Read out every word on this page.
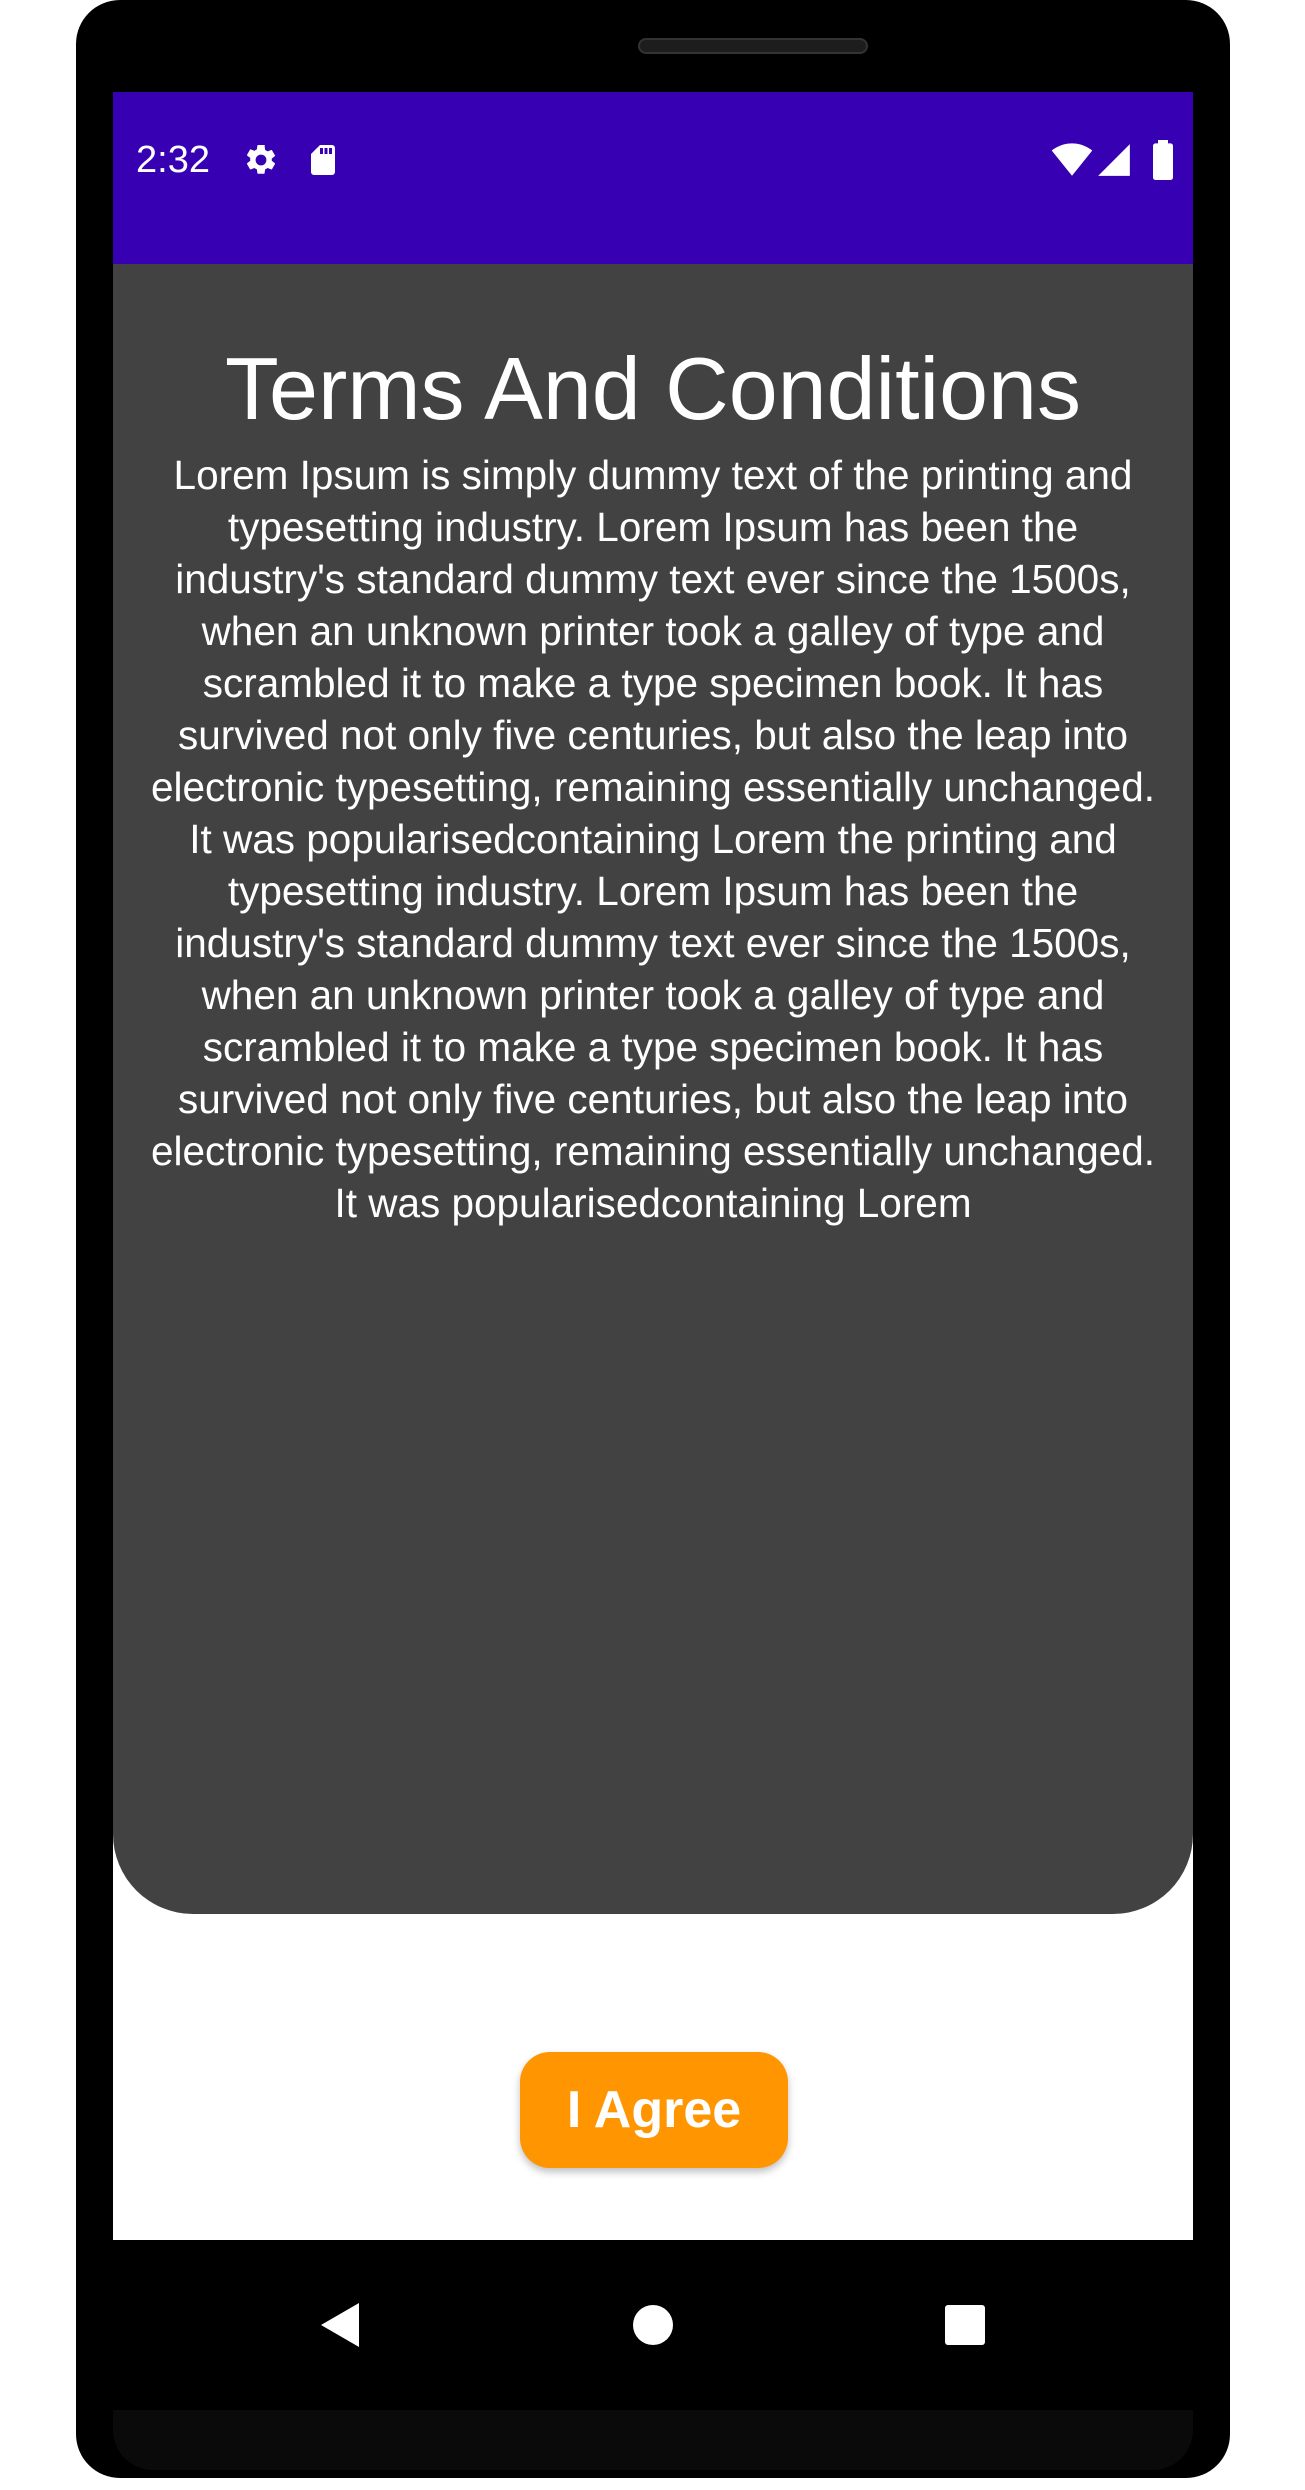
2:32
Terms And Conditions

Lorem Ipsum is simply dummy text of the printing and typesetting industry. Lorem Ipsum has been the industry's standard dummy text ever since the 1500s, when an unknown printer took a galley of type and scrambled it to make a type specimen book. It has survived not only five centuries, but also the leap into electronic typesetting, remaining essentially unchanged. It was popularisedcontaining Lorem the printing and typesetting industry. Lorem Ipsum has been the industry's standard dummy text ever since the 1500s, when an unknown printer took a galley of type and scrambled it to make a type specimen book. It has survived not only five centuries, but also the leap into electronic typesetting, remaining essentially unchanged. It was popularisedcontaining Lorem

I Agree
